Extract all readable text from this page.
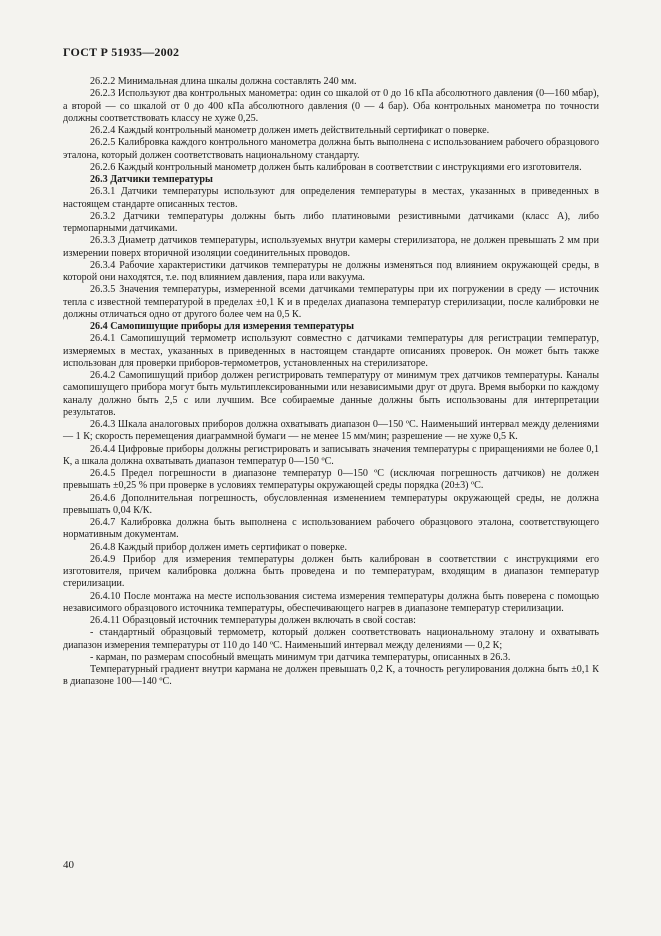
ГОСТ Р 51935—2002

26.2.2 Минимальная длина шкалы должна составлять 240 мм.

26.2.3 Используют два контрольных манометра: один со шкалой от 0 до 16 кПа абсолютного давления (0—160 мбар), а второй — со шкалой от 0 до 400 кПа абсолютного давления (0 — 4 бар). Оба контрольных манометра по точности должны соответствовать классу не хуже 0,25.

26.2.4 Каждый контрольный манометр должен иметь действительный сертификат о поверке.

26.2.5 Калибровка каждого контрольного манометра должна быть выполнена с использованием рабочего образцового эталона, который должен соответствовать национальному стандарту.

26.2.6 Каждый контрольный манометр должен быть калиброван в соответствии с инструкциями его изготовителя.

26.3 Датчики температуры

26.3.1 Датчики температуры используют для определения температуры в местах, указанных в приведенных в настоящем стандарте описанных тестов.

26.3.2 Датчики температуры должны быть либо платиновыми резистивными датчиками (класс А), либо термопарными датчиками.

26.3.3 Диаметр датчиков температуры, используемых внутри камеры стерилизатора, не должен превышать 2 мм при измерении поверх вторичной изоляции соединительных проводов.

26.3.4 Рабочие характеристики датчиков температуры не должны изменяться под влиянием окружающей среды, в которой они находятся, т.е. под влиянием давления, пара или вакуума.

26.3.5 Значения температуры, измеренной всеми датчиками температуры при их погружении в среду — источник тепла с известной температурой в пределах ±0,1 К и в пределах диапазона температур стерилизации, после калибровки не должны отличаться одно от другого более чем на 0,5 К.

26.4 Самопишущие приборы для измерения температуры

26.4.1 Самопишущий термометр используют совместно с датчиками температуры для регистрации температур, измеряемых в местах, указанных в приведенных в настоящем стандарте описаниях проверок. Он может быть также использован для проверки приборов-термометров, установленных на стерилизаторе.

26.4.2 Самопишущий прибор должен регистрировать температуру от минимум трех датчиков температуры. Каналы самопишущего прибора могут быть мультиплексированными или независимыми друг от друга. Время выборки по каждому каналу должно быть 2,5 с или лучшим. Все собираемые данные должны быть использованы для интерпретации результатов.

26.4.3 Шкала аналоговых приборов должна охватывать диапазон 0—150 ºС. Наименьший интервал между делениями — 1 К; скорость перемещения диаграммной бумаги — не менее 15 мм/мин; разрешение — не хуже 0,5 К.

26.4.4 Цифровые приборы должны регистрировать и записывать значения температуры с приращениями не более 0,1 К, а шкала должна охватывать диапазон температур 0—150 ºС.

26.4.5 Предел погрешности в диапазоне температур 0—150 ºС (исключая погрешность датчиков) не должен превышать ±0,25 % при проверке в условиях температуры окружающей среды порядка (20±3) ºС.

26.4.6 Дополнительная погрешность, обусловленная изменением температуры окружающей среды, не должна превышать 0,04 К/К.

26.4.7 Калибровка должна быть выполнена с использованием рабочего образцового эталона, соответствующего нормативным документам.

26.4.8 Каждый прибор должен иметь сертификат о поверке.

26.4.9 Прибор для измерения температуры должен быть калиброван в соответствии с инструкциями его изготовителя, причем калибровка должна быть проведена и по температурам, входящим в диапазон температур стерилизации.

26.4.10 После монтажа на месте использования система измерения температуры должна быть поверена с помощью независимого образцового источника температуры, обеспечивающего нагрев в диапазоне температур стерилизации.

26.4.11 Образцовый источник температуры должен включать в свой состав:

- стандартный образцовый термометр, который должен соответствовать национальному эталону и охватывать диапазон измерения температуры от 110 до 140 ºС. Наименьший интервал между делениями — 0,2 К;

- карман, по размерам способный вмещать минимум три датчика температуры, описанных в 26.3.

Температурный градиент внутри кармана не должен превышать 0,2 К, а точность регулирования должна быть ±0,1 К в диапазоне 100—140 ºС.

40
